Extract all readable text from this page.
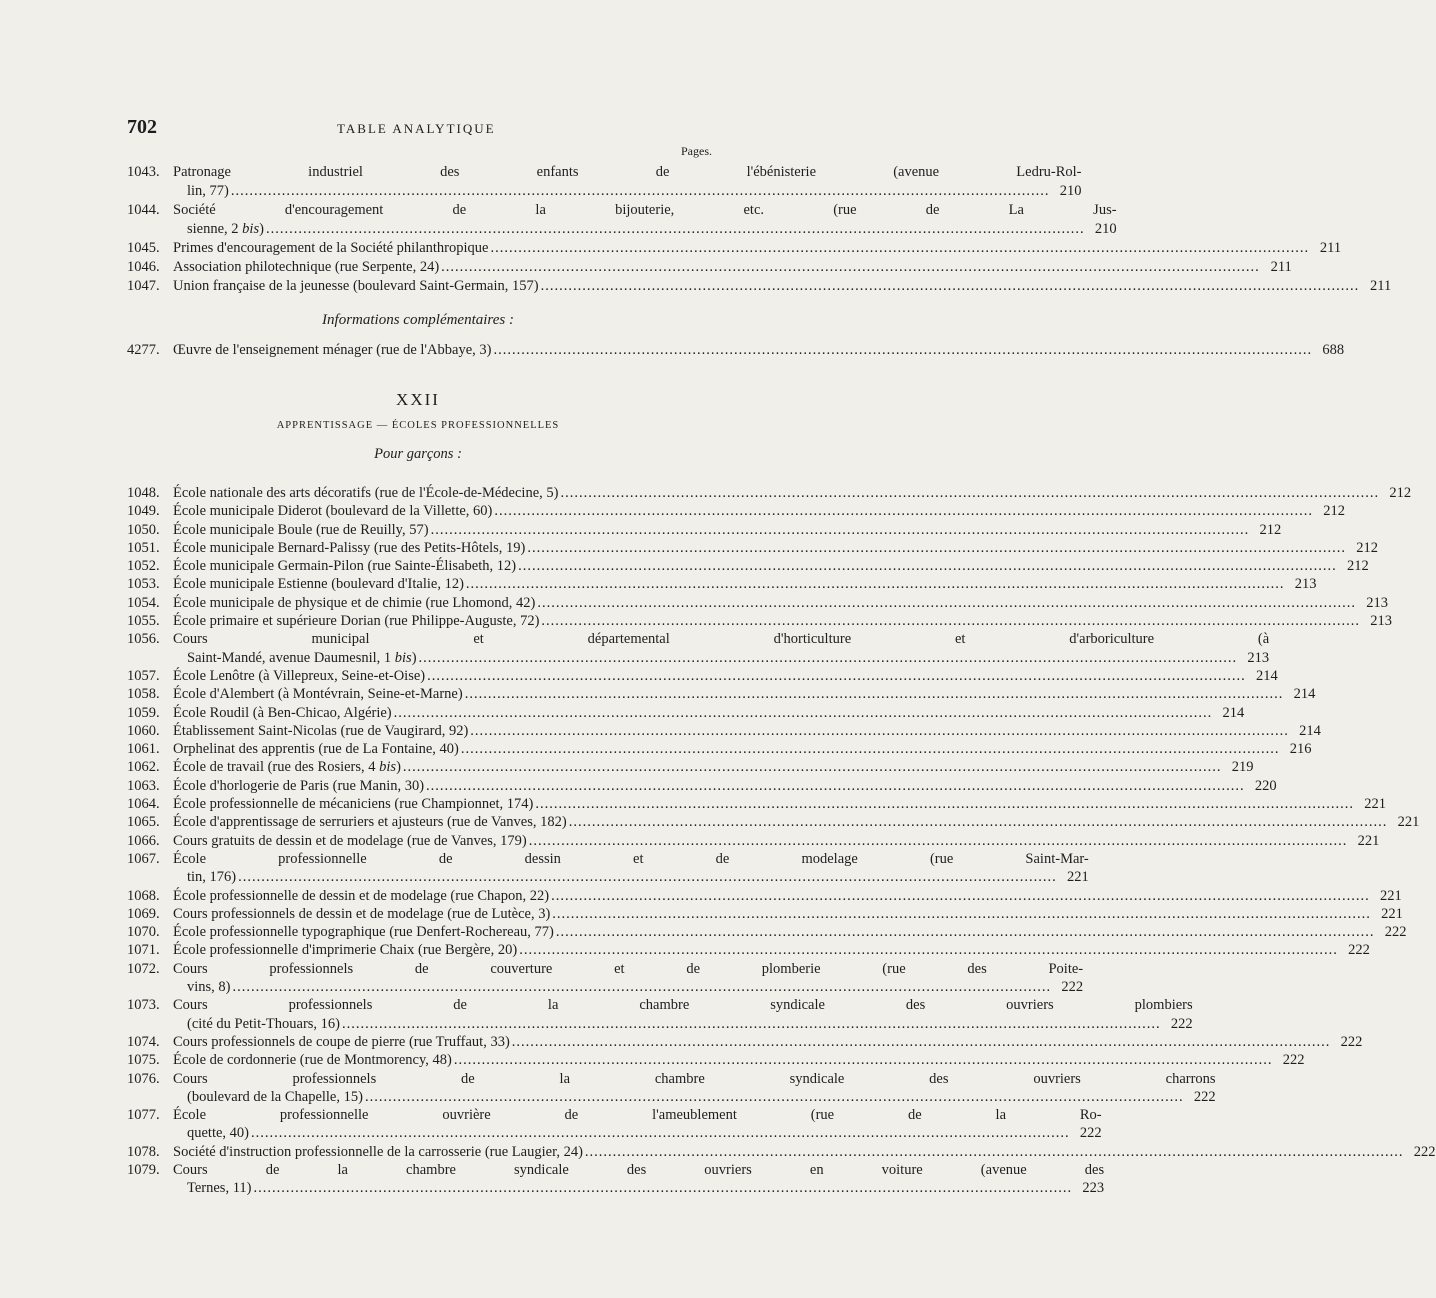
702	TABLE ANALYTIQUE
Pages.
1043. Patronage industriel des enfants de l'ébénisterie (avenue Ledru-Rol-
lin, 77) .....	210
1044. Société d'encouragement de la bijouterie, etc. (rue de La Jus-
sienne, 2 bis) .....	210
1045. Primes d'encouragement de la Société philanthropique .....	211
1046. Association philotechnique (rue Serpente, 24) .....	211
1047. Union française de la jeunesse (boulevard Saint-Germain, 157) .....	211
Informations complémentaires :
4277. Œuvre de l'enseignement ménager (rue de l'Abbaye, 3) .....	688
XXII
APPRENTISSAGE — ÉCOLES PROFESSIONNELLES
Pour garçons :
1048. École nationale des arts décoratifs (rue de l'École-de-Médecine, 5) .....	212
1049. École municipale Diderot (boulevard de la Villette, 60) .....	212
1050. École municipale Boule (rue de Reuilly, 57) .....	212
1051. École municipale Bernard-Palissy (rue des Petits-Hôtels, 19) .....	212
1052. École municipale Germain-Pilon (rue Sainte-Élisabeth, 12) .....	212
1053. École municipale Estienne (boulevard d'Italie, 12) .....	213
1054. École municipale de physique et de chimie (rue Lhomond, 42) .....	213
1055. École primaire et supérieure Dorian (rue Philippe-Auguste, 72) .....	213
1056. Cours municipal et départemental d'horticulture et d'arboriculture (à
Saint-Mandé, avenue Daumesnil, 1 bis) .....	213
1057. École Lenôtre (à Villepreux, Seine-et-Oise) .....	214
1058. École d'Alembert (à Montévrain, Seine-et-Marne) .....	214
1059. École Roudil (à Ben-Chicao, Algérie) .....	214
1060. Établissement Saint-Nicolas (rue de Vaugirard, 92) .....	214
1061. Orphelinat des apprentis (rue de La Fontaine, 40) .....	216
1062. École de travail (rue des Rosiers, 4 bis) .....	219
1063. École d'horlogerie de Paris (rue Manin, 30) .....	220
1064. École professionnelle de mécaniciens (rue Championnet, 174) .....	221
1065. École d'apprentissage de serruriers et ajusteurs (rue de Vanves, 182) .....	221
1066. Cours gratuits de dessin et de modelage (rue de Vanves, 179) .....	221
1067. École professionnelle de dessin et de modelage (rue Saint-Mar-
tin, 176) .....	221
1068. École professionnelle de dessin et de modelage (rue Chapon, 22) .....	221
1069. Cours professionnels de dessin et de modelage (rue de Lutèce, 3) .....	221
1070. École professionnelle typographique (rue Denfert-Rochereau, 77) .....	222
1071. École professionnelle d'imprimerie Chaix (rue Bergère, 20) .....	222
1072. Cours professionnels de couverture et de plomberie (rue des Poite-
vins, 8) .....	222
1073. Cours professionnels de la chambre syndicale des ouvriers plombiers
(cité du Petit-Thouars, 16) .....	222
1074. Cours professionnels de coupe de pierre (rue Truffaut, 33) .....	222
1075. École de cordonnerie (rue de Montmorency, 48) .....	222
1076. Cours professionnels de la chambre syndicale des ouvriers charrons
(boulevard de la Chapelle, 15) .....	222
1077. École professionnelle ouvrière de l'ameublement (rue de la Ro-
quette, 40) .....	222
1078. Société d'instruction professionnelle de la carrosserie (rue Laugier, 24) .....	222
1079. Cours de la chambre syndicale des ouvriers en voiture (avenue des
Ternes, 11) .....	223
